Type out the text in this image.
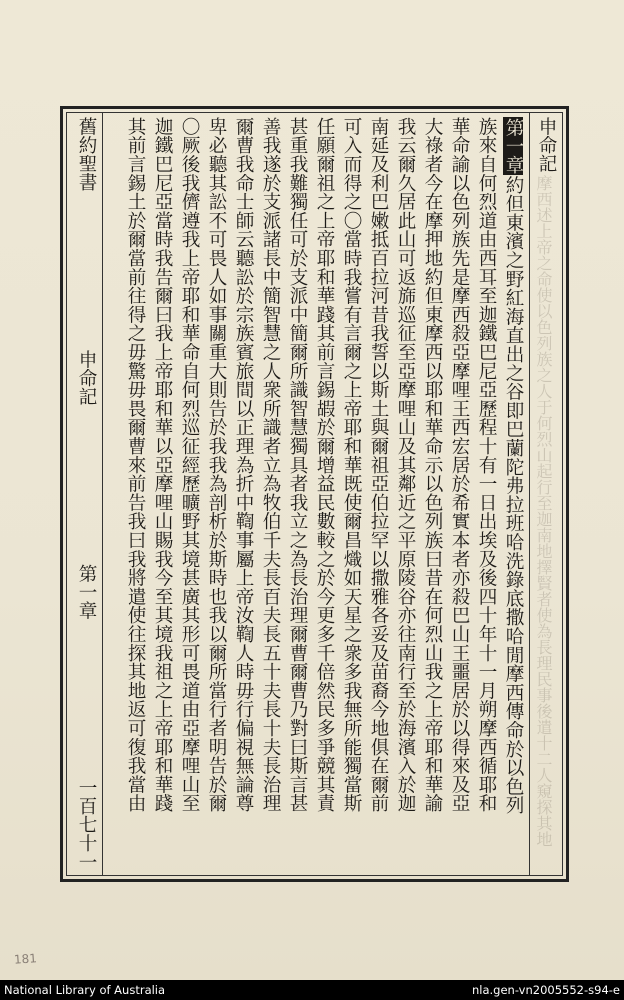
申命記
摩西述上帝之命使以色列族之人于何烈山起行至迦南地擇賢者使為長理民事後遣十二人窺探其地
第一章約但東濱之野紅海直出之谷即巴蘭陀弗拉班哈洗錄底撒哈閒摩西傳命於以色列
族來自何烈道由西耳至迦鐵巴尼亞歷程十有一日出埃及後四十年十一月朔摩西循耶和
華命諭以色列族先是摩西殺亞摩哩王西宏居於希實本者亦殺巴山王噩居於以得來及亞
大祿者今在摩押地約但東摩西以耶和華命示以色列族曰昔在何烈山我之上帝耶和華諭
我云爾久居此山可返旆巡征至亞摩哩山及其鄰近之平原陵谷亦往南行至於海濱入於迦
南延及利巴嫩抵百拉河昔我誓以斯土與爾祖亞伯拉罕以撒雅各妥及苗裔今地俱在爾前
可入而得之〇當時我嘗有言爾之上帝耶和華既使爾昌熾如天星之衆多我無所能獨當斯
任願爾祖之上帝耶和華踐其前言錫嘏於爾增益民數較之於今更多千倍然民多爭競其責
甚重我難獨任可於支派中簡爾所識智慧獨具者我立之為長治理爾曹爾曹乃對曰斯言甚
善我遂於支派諸長中簡智慧之人衆所識者立為牧伯千夫長百夫長五十夫長十夫長治理
爾曹我命士師云聽訟於宗族賓旅間以正理為折中鞫事屬上帝汝鞫人時毋行偏視無論尊
卑必聽其訟不可畏人如事關重大則告於我我為剖析於斯時也我以爾所當行者明告於爾
〇厥後我儕遵我上帝耶和華命自何烈巡征經歷曠野其境甚廣其形可畏道由亞摩哩山至
迦鐵巴尼亞當時我告爾曰我上帝耶和華以亞摩哩山賜我今至其境我祖之上帝耶和華踐
其前言錫土於爾當前往得之毋驚毋畏爾曹來前告我曰我將遣使往探其地返可復我當由
舊約聖書
申命記
第一章
一百七十一
181
National Library of Australia	nla.gen-vn2005552-s94-e
